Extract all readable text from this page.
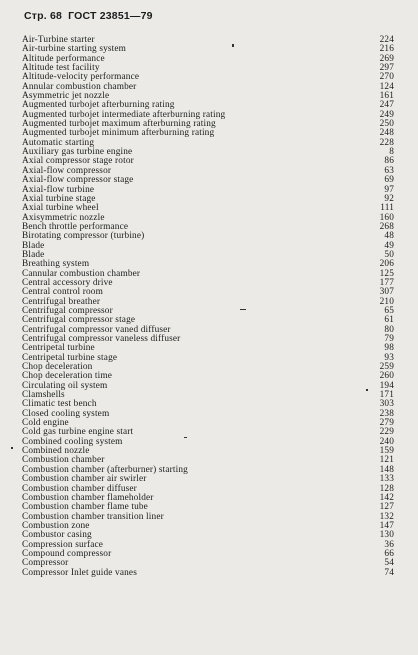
Стр. 68 ГОСТ 23851—79
Air-Turbine starter	224
Air-turbine starting system	216
Altitude performance	269
Altitude test facility	297
Altitude-velocity performance	270
Annular combustion chamber	124
Asymmetric jet nozzle	161
Augmented turbojet afterburning rating	247
Augmented turbojet intermediate afterburning rating	249
Augmented turbojet maximum afterburning rating	250
Augmented turbojet minimum afterburning rating	248
Automatic starting	228
Auxiliary gas turbine engine	8
Axial compressor stage rotor	86
Axial-flow compressor	63
Axial-flow compressor stage	69
Axial-flow turbine	97
Axial turbine stage	92
Axial turbine wheel	111
Axisymmetric nozzle	160
Bench throttle performance	268
Birotating compressor (turbine)	48
Blade	49
Blade	50
Breathing system	206
Cannular combustion chamber	125
Central accessory drive	177
Central control room	307
Centrifugal breather	210
Centrifugal compressor	65
Centrifugal compressor stage	61
Centrifugal compressor vaned diffuser	80
Centrifugal compressor vaneless diffuser	79
Centripetal turbine	98
Centripetal turbine stage	93
Chop deceleration	259
Chop deceleration time	260
Circulating oil system	194
Clamshells	171
Climatic test bench	303
Closed cooling system	238
Cold engine	279
Cold gas turbine engine start	229
Combined cooling system	240
Combined nozzle	159
Combustion chamber	121
Combustion chamber (afterburner) starting	148
Combustion chamber air swirler	133
Combustion chamber diffuser	128
Combustion chamber flameholder	142
Combustion chamber flame tube	127
Combustion chamber transition liner	132
Combustion zone	147
Combustor casing	130
Compression surface	36
Compound compressor	66
Compressor	54
Compressor Inlet guide vanes	74
